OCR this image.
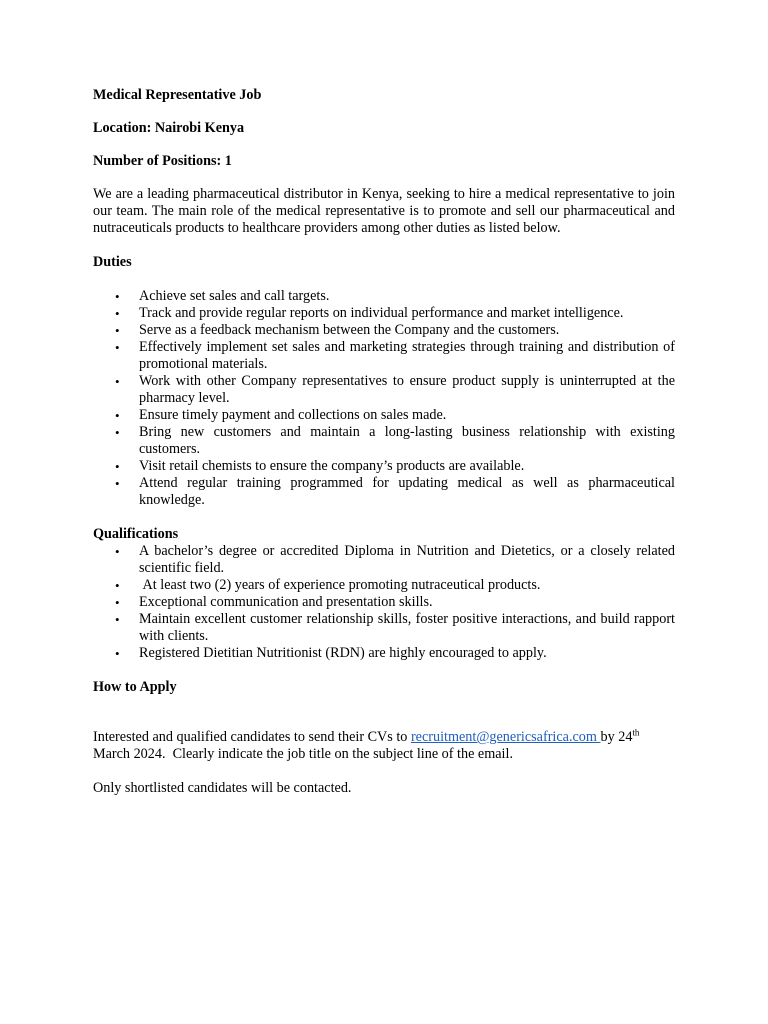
Medical Representative Job

Location: Nairobi Kenya

Number of Positions: 1

We are a leading pharmaceutical distributor in Kenya, seeking to hire a medical representative to join our team. The main role of the medical representative is to promote and sell our pharmaceutical and nutraceuticals products to healthcare providers among other duties as listed below.

Duties

• Achieve set sales and call targets.
• Track and provide regular reports on individual performance and market intelligence.
• Serve as a feedback mechanism between the Company and the customers.
• Effectively implement set sales and marketing strategies through training and distribution of promotional materials.
• Work with other Company representatives to ensure product supply is uninterrupted at the pharmacy level.
• Ensure timely payment and collections on sales made.
• Bring new customers and maintain a long-lasting business relationship with existing customers.
• Visit retail chemists to ensure the company’s products are available.
• Attend regular training programmed for updating medical as well as pharmaceutical knowledge.

Qualifications

• A bachelor’s degree or accredited Diploma in Nutrition and Dietetics, or a closely related scientific field.
• At least two (2) years of experience promoting nutraceutical products.
• Exceptional communication and presentation skills.
• Maintain excellent customer relationship skills, foster positive interactions, and build rapport with clients.
• Registered Dietitian Nutritionist (RDN) are highly encouraged to apply.

How to Apply

Interested and qualified candidates to send their CVs to recruitment@genericsafrica.com by 24th March 2024.  Clearly indicate the job title on the subject line of the email.

Only shortlisted candidates will be contacted.
